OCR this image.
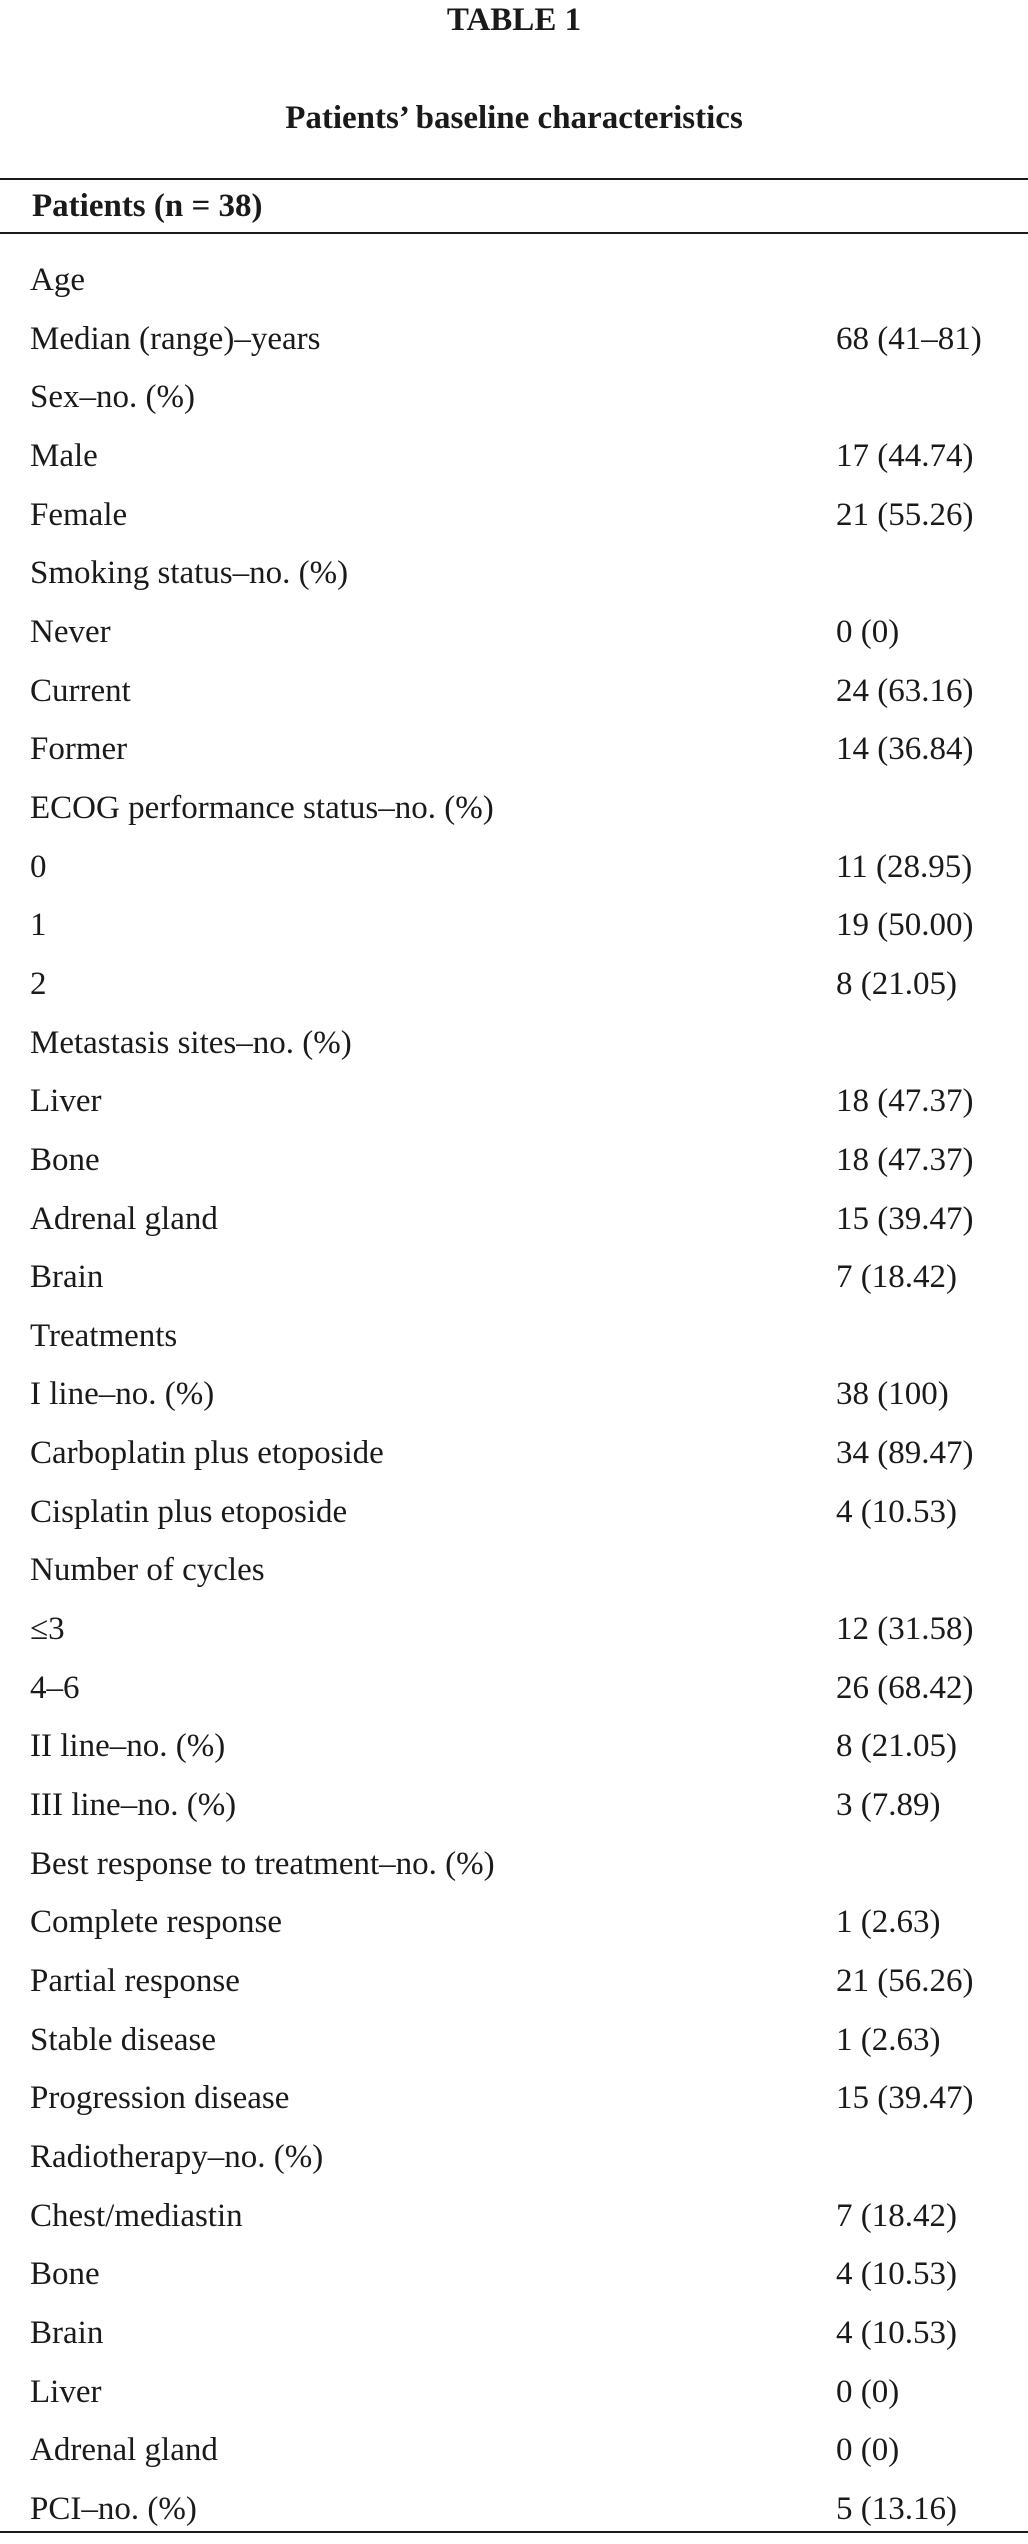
TABLE 1
Patients’ baseline characteristics
Patients (n = 38)
Age
Median (range)–years	68 (41–81)
Sex–no. (%)
Male	17 (44.74)
Female	21 (55.26)
Smoking status–no. (%)
Never	0 (0)
Current	24 (63.16)
Former	14 (36.84)
ECOG performance status–no. (%)
0	11 (28.95)
1	19 (50.00)
2	8 (21.05)
Metastasis sites–no. (%)
Liver	18 (47.37)
Bone	18 (47.37)
Adrenal gland	15 (39.47)
Brain	7 (18.42)
Treatments
I line–no. (%)	38 (100)
Carboplatin plus etoposide	34 (89.47)
Cisplatin plus etoposide	4 (10.53)
Number of cycles
≤3	12 (31.58)
4–6	26 (68.42)
II line–no. (%)	8 (21.05)
III line–no. (%)	3 (7.89)
Best response to treatment–no. (%)
Complete response	1 (2.63)
Partial response	21 (56.26)
Stable disease	1 (2.63)
Progression disease	15 (39.47)
Radiotherapy–no. (%)
Chest/mediastin	7 (18.42)
Bone	4 (10.53)
Brain	4 (10.53)
Liver	0 (0)
Adrenal gland	0 (0)
PCI–no. (%)	5 (13.16)
